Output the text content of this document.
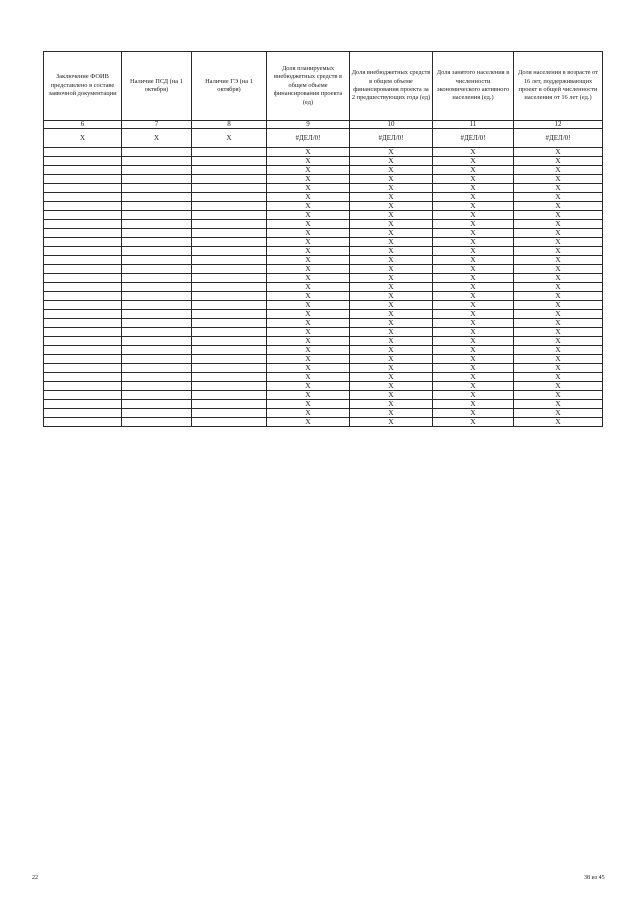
Заключение ФОИВ представлено в составе заявочной документации	Наличие ПСД (на 1 октября)	Наличие ГЭ (на 1 октября)	Доля планируемых внебюджетных средств в общем объеме финансирования проекта (ед)	Доля внебюджетных средств в общем объеме финансирования проекта за 2 предшествующих года (ед)	Доля занятого населения в численности экономического активного населения (ед.)	Доля населения в возрасте от 16 лет, поддерживающих проект в общей численности населения от 16 лет (ед.)

6	7	8	9	10	11	12
X	X	X	#ДЕЛ/0!	#ДЕЛ/0!	#ДЕЛ/0!	#ДЕЛ/0!
			X	X	X	X
			X	X	X	X
			X	X	X	X
			X	X	X	X
			X	X	X	X
			X	X	X	X
			X	X	X	X
			X	X	X	X
			X	X	X	X
			X	X	X	X
			X	X	X	X
			X	X	X	X
			X	X	X	X
			X	X	X	X
			X	X	X	X
			X	X	X	X
			X	X	X	X
			X	X	X	X
			X	X	X	X
			X	X	X	X
			X	X	X	X
			X	X	X	X
			X	X	X	X
			X	X	X	X
			X	X	X	X
			X	X	X	X
			X	X	X	X
			X	X	X	X
			X	X	X	X
			X	X	X	X
			X	X	X	X
22	38 из 45
